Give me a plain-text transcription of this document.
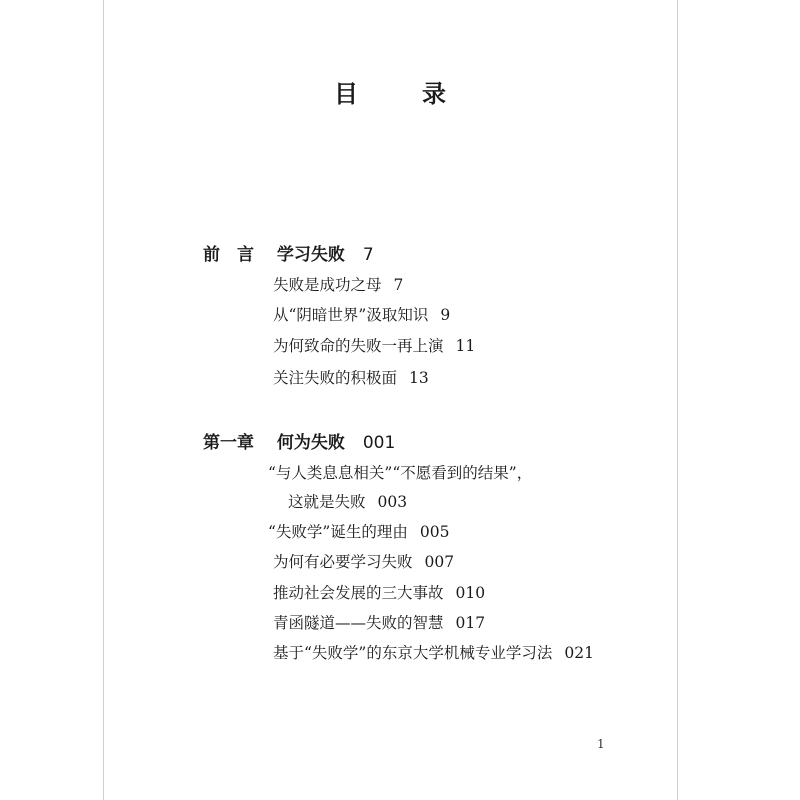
目　录
前　言 学习失败 7
失败是成功之母 7
从“阴暗世界”汲取知识 9
为何致命的失败一再上演 11
关注失败的积极面 13
第一章 何为失败 001
“与人类息息相关”“不愿看到的结果”，
这就是失败 003
“失败学”诞生的理由 005
为何有必要学习失败 007
推动社会发展的三大事故 010
青函隧道——失败的智慧 017
基于“失败学”的东京大学机械专业学习法 021
1
